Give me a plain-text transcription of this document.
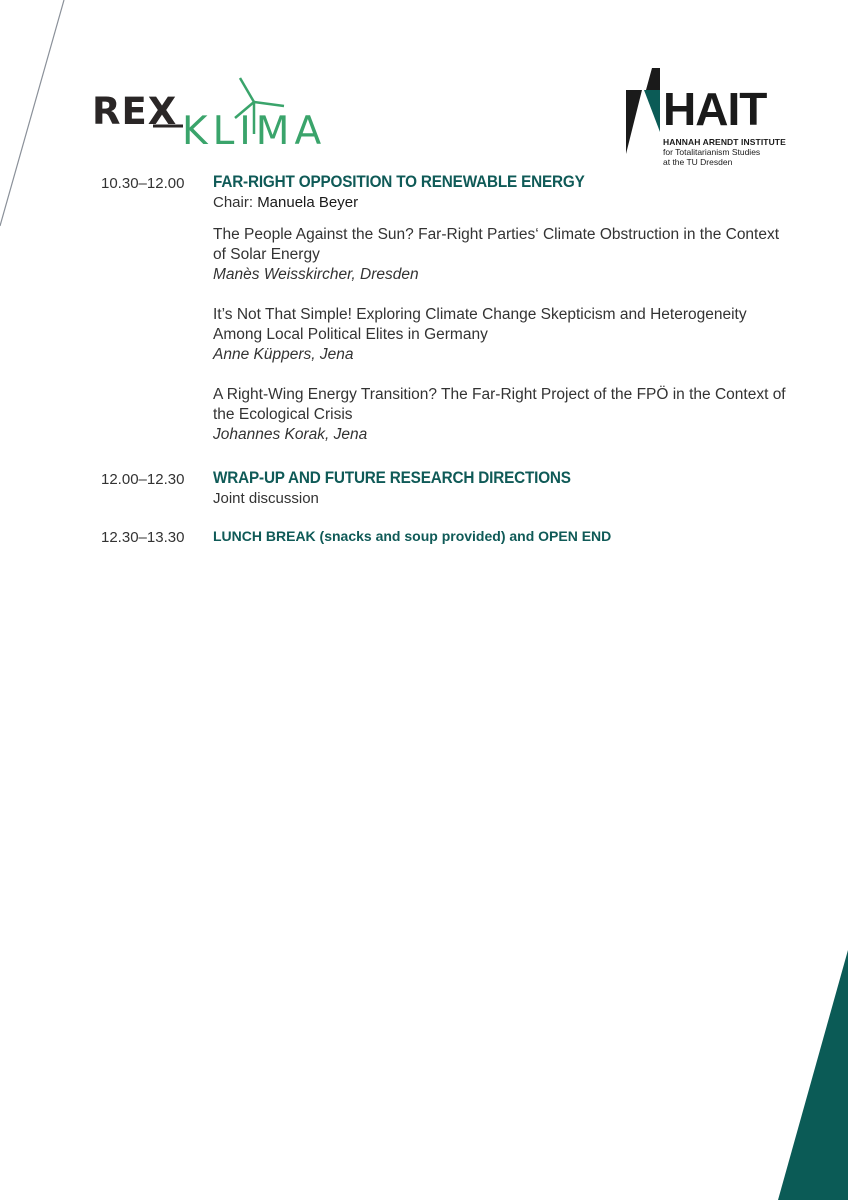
REX KLIMA	HAIT
HANNAH ARENDT INSTITUTE
for Totalitarianism Studies
at the TU Dresden
10.30–12.00 FAR-RIGHT OPPOSITION TO RENEWABLE ENERGY
Chair: Manuela Beyer
The People Against the Sun? Far-Right Parties‘ Climate Obstruction in the Context of Solar Energy
Manès Weisskircher, Dresden
It’s Not That Simple! Exploring Climate Change Skepticism and Heterogeneity Among Local Political Elites in Germany
Anne Küppers, Jena
A Right-Wing Energy Transition? The Far-Right Project of the FPÖ in the Context of the Ecological Crisis
Johannes Korak, Jena
12.00–12.30 WRAP-UP AND FUTURE RESEARCH DIRECTIONS
Joint discussion
12.30–13.30 LUNCH BREAK (snacks and soup provided) and OPEN END
